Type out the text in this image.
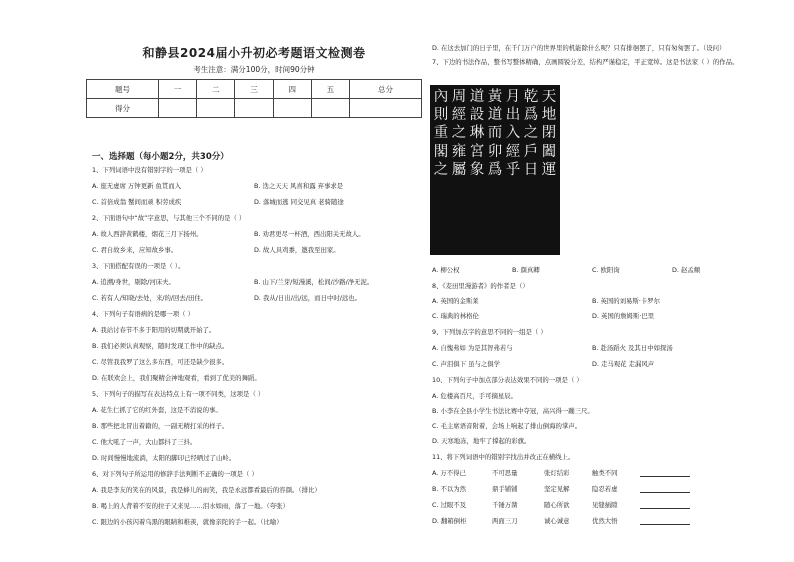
和静县2024届小升初必考题语文检测卷
考生注意：满分100分，时间90分钟
题号	一	二	三	四	五	总分
得分						
一、选择题（每小题2分，共30分）
1、下列词语中没有错别字的一项是（ ）
A. 座无虚席 万钟更新 鱼贯而入	B. 迭之天天 风喜和露 弃事求是
C. 首倍成翁 蟹间而顽 积劳成疾	D. 落城而逃 同交见真 老骑随途
2、下面语句中“故”字意思，与其他三个不同的是（ ）
A. 故人西辞黄鹤楼，烟花三月下扬州。	B. 劝君更尽一杯酒，西出阳关无故人。
C. 君自故乡来，应知故乡事。	D. 故人具鸡黍，邀我至田家。
3、下面搭配有误的一项是（ ）。
A. 追溯/身世，剔除/河床夫。	B. 山下/兰芽/短漫溪，松间/沙路/净无泥。
C. 若有人/知晓/去处，来/的/回去/田住。	D. 我从/日出/出/远，而日中时/远也。
4、下列句子有语病的是哪一项（ ）
A. 我站讨春节不多于阳用的切期就开始了。
B. 我们必须认真观察，随时发现工作中的缺点。
C. 尽管我我罗了这么多东西，可还是缺少很多。
D. 在联欢会上，我们聚精会神地观看，看到了优美的舞蹈。
5、下列句子的描写在表达特点上有一项不同类，这项是（ ）
A. 花生仁抓了它的红外套，这是不消说的事。
B. 那些把北冒出着籍的，一副无精打采的样子。
C. 他大吼了一声，大山都抖了三抖。
D. 时间慢慢地流淌，太阳的脚印已经晒过了山岭。
6、对下列句子所运用的修辞手法判断不正确的一项是（ ）
A. 我是李友的笑在的风景，我是蜂儿的雨笑，我是永远都看最后的容颜。（排比）
B. 喝上的人背着不安的拉子又来见……泪水如雨，落了一地。（夸张）
C. 跟边的小孩闪着乌黑的眼睛和稚羡，就像亲陀的手一起。（比喻）
D. 在这去加门的日子里，在千门万户的世界里的机能除什么呢？只有排徊罢了，只有匆匆罢了。（设问）
7、下边的书法作品，整书写整体精确，点画圆锐分差，结构严谨稳定，平正宽绰。这是书法家（ ）的作品。
天地閉闔運
乾爲之戶日
月出入經乎
黃道而卯爲
道設琳宮象
周經之雍屬
內則重閣之
A. 柳公权	B. 颜真卿	C. 欧阳询	D. 赵孟頫
8、《麦田里漫游者》的作者是（）
A. 英国的金斯莱	B. 英国的刘易斯·卡罗尔
C. 瑞典的林格伦	D. 英国的詹姆斯·巴里
9、下列加点字的意思不同的一组是（ ）
A. 自愧弗如 为是其智弗若与	B. 赴汤蹈火 及其日中如探汤
C. 声泪俱下 虽与之俱学	D. 走马观花 走漏风声
10、下列句子中加点部分表达效果不同的一项是（ ）
A. 危楼高百尺，手可摘星辰。
B. 小李在全县小学生书法比赛中夺冠，高兴得一蹦三尺。
C. 毛主席语音附着，会场上响起了排山倒海的掌声。
D. 天寒地冻，地牢了撑起的彩旗。
11、将下列词语中的错别字找出并改正在横线上。
A. 万不得已	不可思量	张灯结彩	触类不同
B. 不以为然	鼎手铺铺	坚定见解	隐忍若虚
C. 过眼不及	千锤万凿	随心所欲	见缝插隙
D. 翻箱倒柜	两面三刀	诚心诚意	优然大悟
